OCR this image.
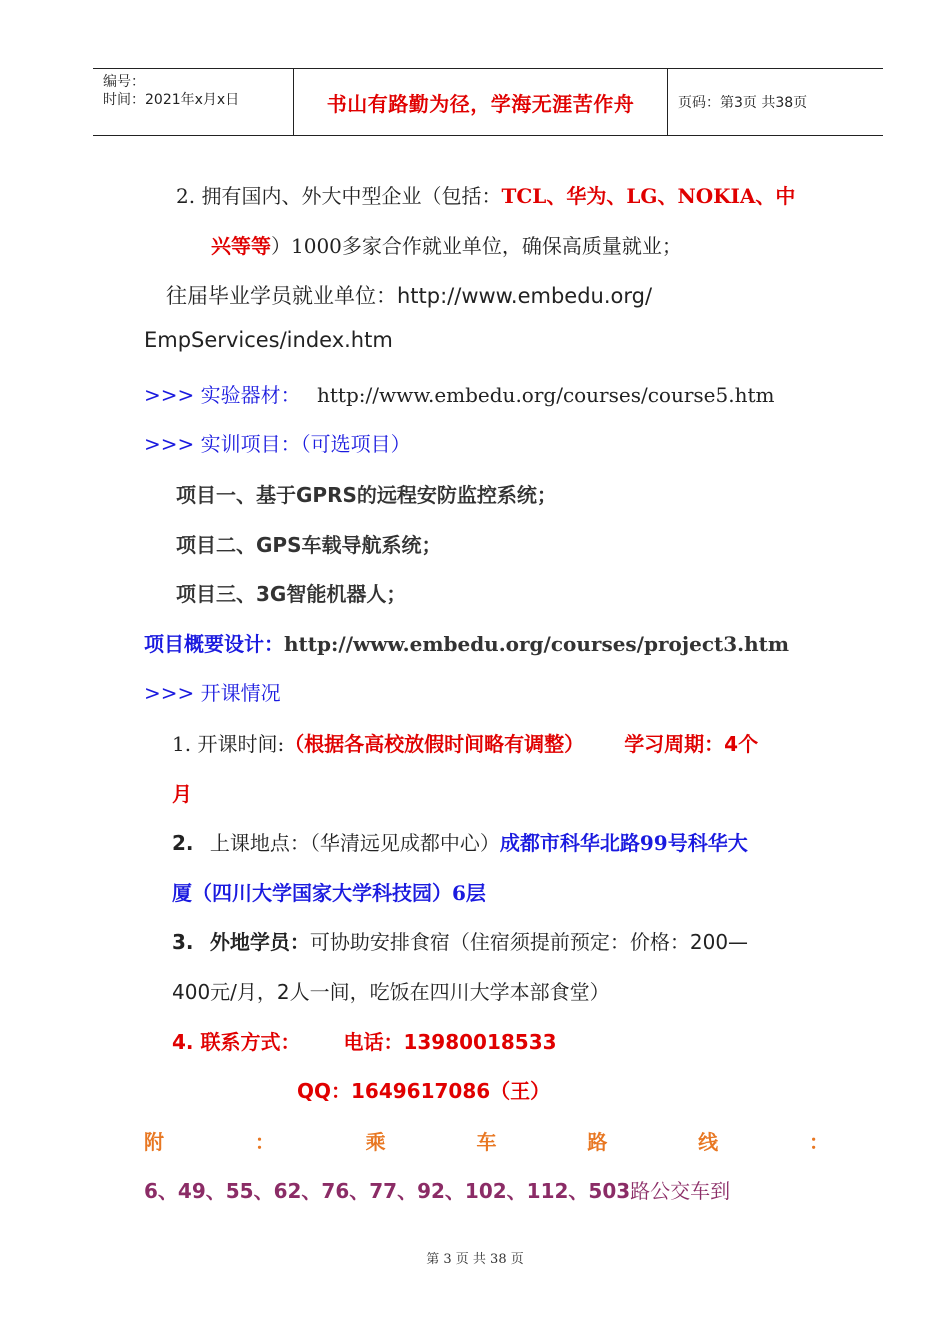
编号：
时间：2021年x月x日	书山有路勤为径，学海无涯苦作舟	页码：第3页 共38页
2. 拥有国内、外大中型企业（包括：TCL、华为、LG、NOKIA、中
兴等等）1000多家合作就业单位，确保高质量就业；
往届毕业学员就业单位：http://www.embedu.org/
EmpServices/index.htm
>>> 实验器材： http://www.embedu.org/courses/course5.htm
>>> 实训项目：（可选项目）
项目一、基于GPRS的远程安防监控系统；
项目二、GPS车载导航系统；
项目三、3G智能机器人；
项目概要设计：http://www.embedu.org/courses/project3.htm
>>> 开课情况
1. 开课时间:（根据各高校放假时间略有调整） 学习周期：4个
月
2. 上课地点：（华清远见成都中心）成都市科华北路99号科华大
厦（四川大学国家大学科技园）6层
3. 外地学员：可协助安排食宿（住宿须提前预定：价格：200—
400元/月，2人一间，吃饭在四川大学本部食堂）
4. 联系方式： 电话：13980018533
QQ：1649617086（王）
附	：	乘	车	路	线	：
6、49、55、62、76、77、92、102、112、503路公交车到
第 3 页 共 38 页
